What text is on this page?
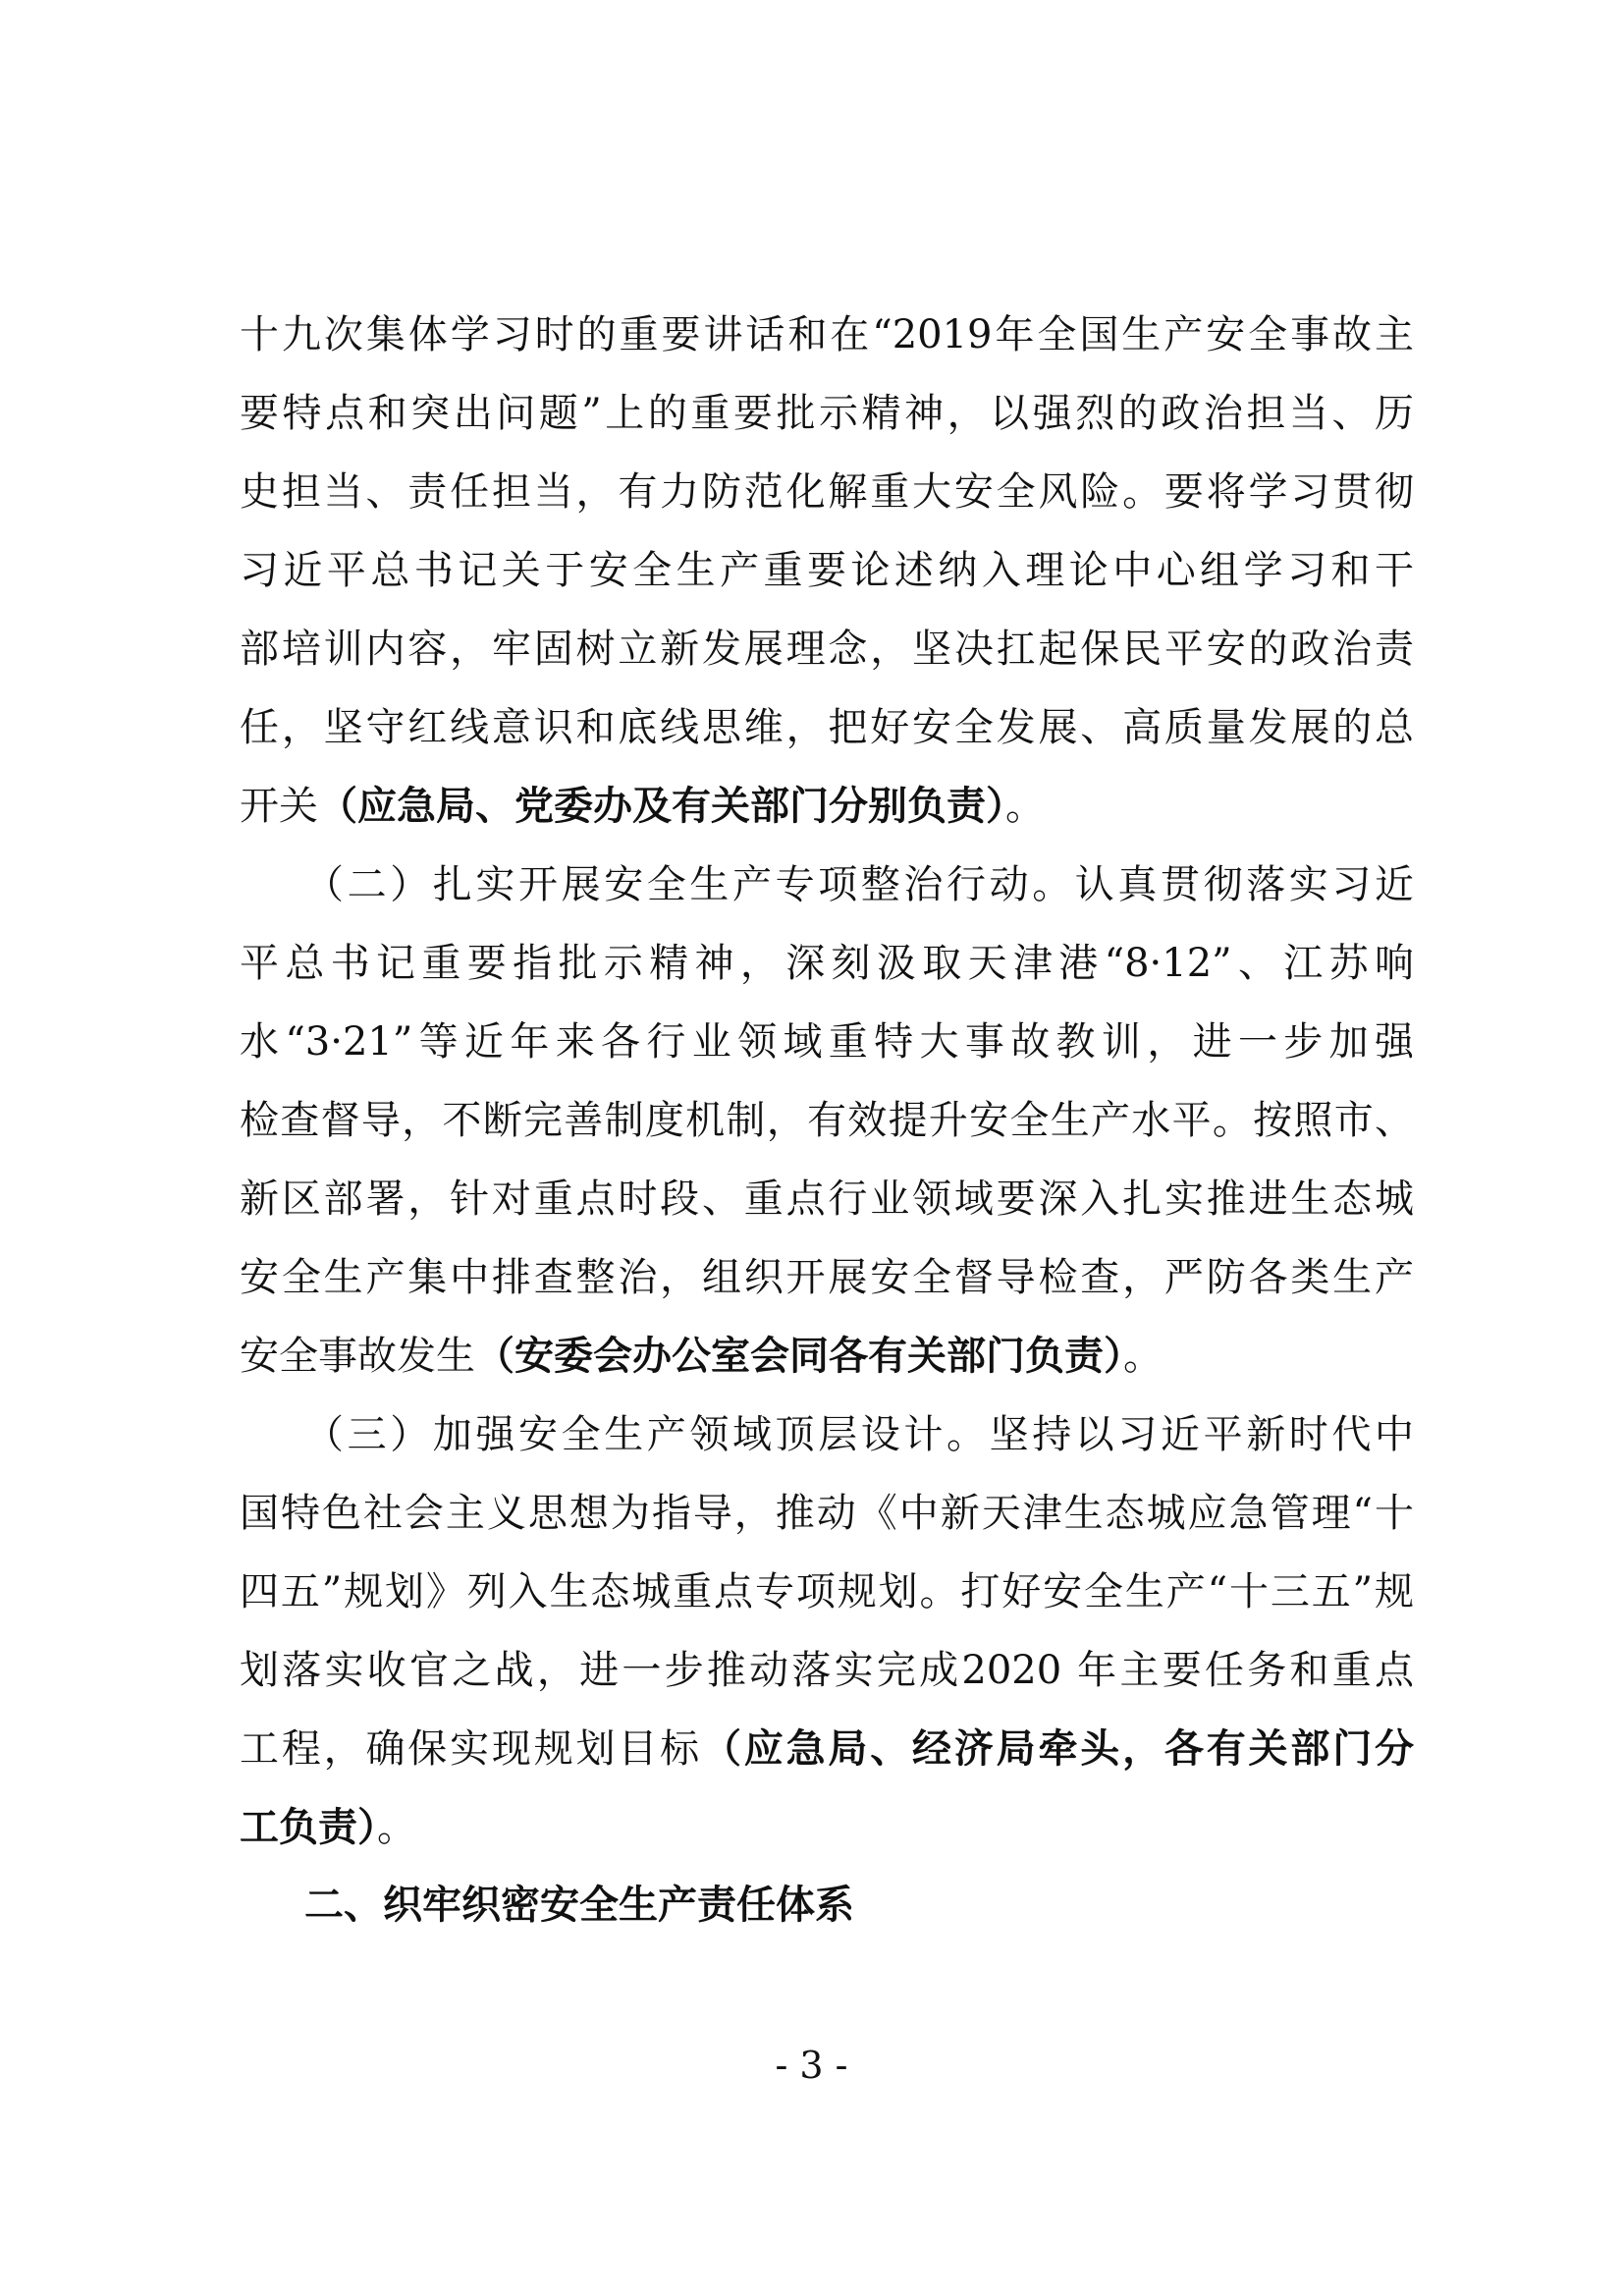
十九次集体学习时的重要讲话和在“2019年全国生产安全事故主
要特点和突出问题”上的重要批示精神，以强烈的政治担当、历
史担当、责任担当，有力防范化解重大安全风险。要将学习贯彻
习近平总书记关于安全生产重要论述纳入理论中心组学习和干
部培训内容，牢固树立新发展理念，坚决扛起保民平安的政治责
任，坚守红线意识和底线思维，把好安全发展、高质量发展的总
开关（应急局、党委办及有关部门分别负责）。
（二）扎实开展安全生产专项整治行动。认真贯彻落实习近
平总书记重要指批示精神，深刻汲取天津港“8·12”、江苏响
水“3·21”等近年来各行业领域重特大事故教训，进一步加强
检查督导，不断完善制度机制，有效提升安全生产水平。按照市、
新区部署，针对重点时段、重点行业领域要深入扎实推进生态城
安全生产集中排查整治，组织开展安全督导检查，严防各类生产
安全事故发生（安委会办公室会同各有关部门负责）。
（三）加强安全生产领域顶层设计。坚持以习近平新时代中
国特色社会主义思想为指导，推动《中新天津生态城应急管理“十
四五”规划》列入生态城重点专项规划。打好安全生产“十三五”规
划落实收官之战，进一步推动落实完成2020 年主要任务和重点
工程，确保实现规划目标（应急局、经济局牵头，各有关部门分
工负责）。
二、织牢织密安全生产责任体系
- 3 -
